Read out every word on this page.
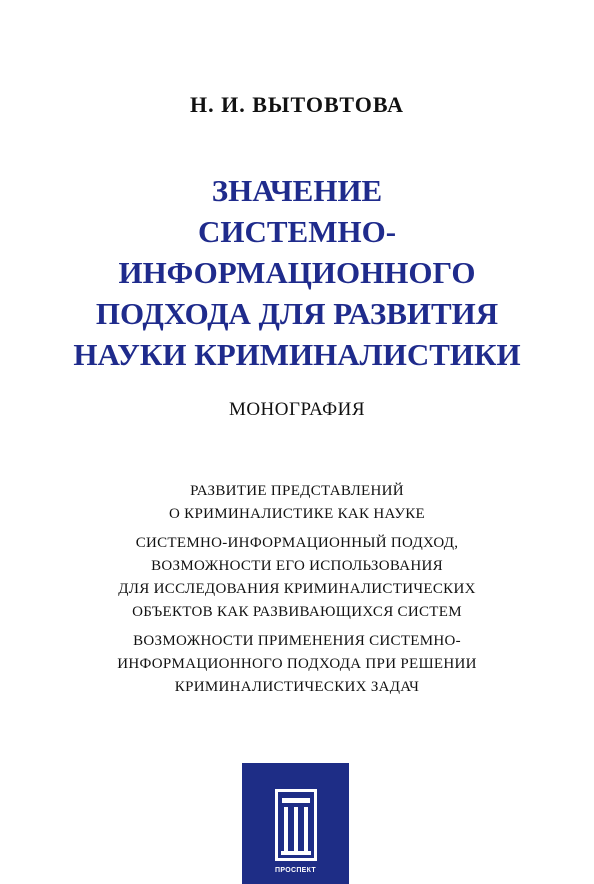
Н. И. ВЫТОВТОВА
ЗНАЧЕНИЕ
СИСТЕМНО-ИНФОРМАЦИОННОГО
ПОДХОДА ДЛЯ РАЗВИТИЯ
НАУКИ КРИМИНАЛИСТИКИ
МОНОГРАФИЯ
РАЗВИТИЕ ПРЕДСТАВЛЕНИЙ
О КРИМИНАЛИСТИКЕ КАК НАУКЕ
СИСТЕМНО-ИНФОРМАЦИОННЫЙ ПОДХОД,
ВОЗМОЖНОСТИ ЕГО ИСПОЛЬЗОВАНИЯ
ДЛЯ ИССЛЕДОВАНИЯ КРИМИНАЛИСТИЧЕСКИХ
ОБЪЕКТОВ КАК РАЗВИВАЮЩИХСЯ СИСТЕМ
ВОЗМОЖНОСТИ ПРИМЕНЕНИЯ СИСТЕМНО-
ИНФОРМАЦИОННОГО ПОДХОДА ПРИ РЕШЕНИИ
КРИМИНАЛИСТИЧЕСКИХ ЗАДАЧ
ПРОСПЕКТ
